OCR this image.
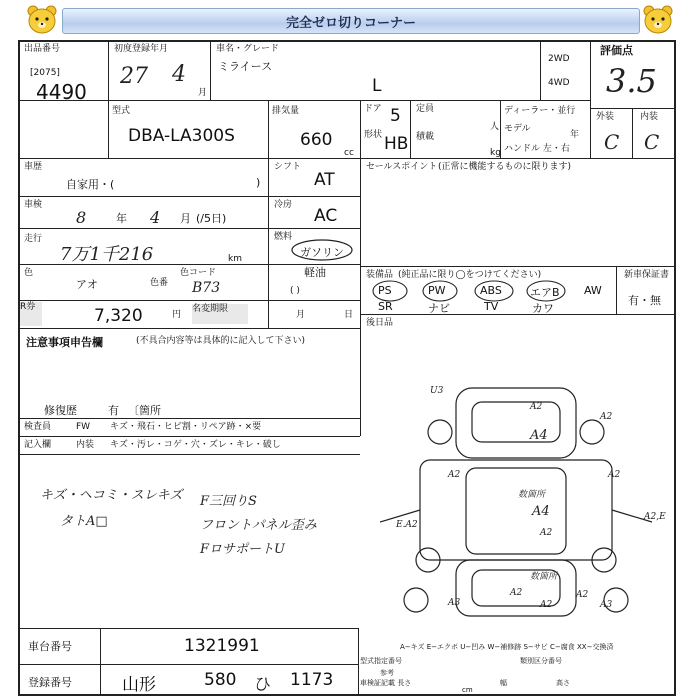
完全ゼロ切りコーナー
出品番号
[2075]
4490
初度登録年月
27 4
月
車名・グレード
ミライース
L
2WD
4WD
評価点
3.5
外装	内装
C C
型式
DBA-LA300S
排気量
660
cc
ドア 5
形状 HB
定員
人
積載
kg
ディーラー・並行
モデル
年
ハンドル 左・右
車歴
自家用・(	)
シフト
AT
車検
8	年 4 月 (/5日)
冷房
AC
走行
7万1千216	km
燃料
ガソリン
軽油
( )
色
アオ	色番
色コード
B73
R券	7,320	円
名変期限
月	日
注意事項申告欄	(不具合内容等は具体的に記入して下さい)
修復歴	有 〔箇所
検査員	FW キズ・飛石・ヒビ割・リペア跡・×要
記入欄	内装 キズ・汚レ・コゲ・穴・ズレ・キレ・破し
キズ・ヘコミ・スレキズ
タトA□
F三回りS
フロントパネル歪み
FロサポートU
セールスポイント (正常に機能するものに限ります)
装備品 (純正品に限り◯をつけてください)	新車保証書
有・無
PS	PW	ABS	エアB AW
SR	ナビ	TV	カワ
後日品
U3
A2
A2
A4
A2	A2
E.A2
A2,E
A4
A2
A2
A3	A2
A2
A3
数箇所
数箇所
車台番号	1321991
登録番号	山形	580 ひ 1173
A−キズ E−エクボ U−凹み W−補修跡 S−サビ C−腐食 XX−交換済
型式指定番号	類別区分番号
参考
車検証記載 長さ
cm
幅	高さ
